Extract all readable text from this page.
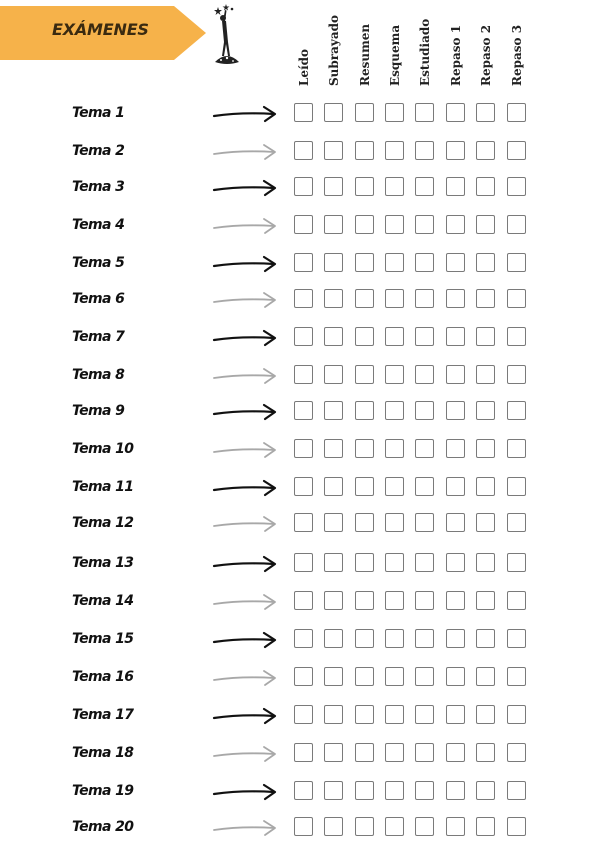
EXÁMENES
Leído Subrayado Resumen Esquema Estudiado Repaso 1 Repaso 2 Repaso 3
Tema 1
Tema 2
Tema 3
Tema 4
Tema 5
Tema 6
Tema 7
Tema 8
Tema 9
Tema 10
Tema 11
Tema 12
Tema 13
Tema 14
Tema 15
Tema 16
Tema 17
Tema 18
Tema 19
Tema 20
